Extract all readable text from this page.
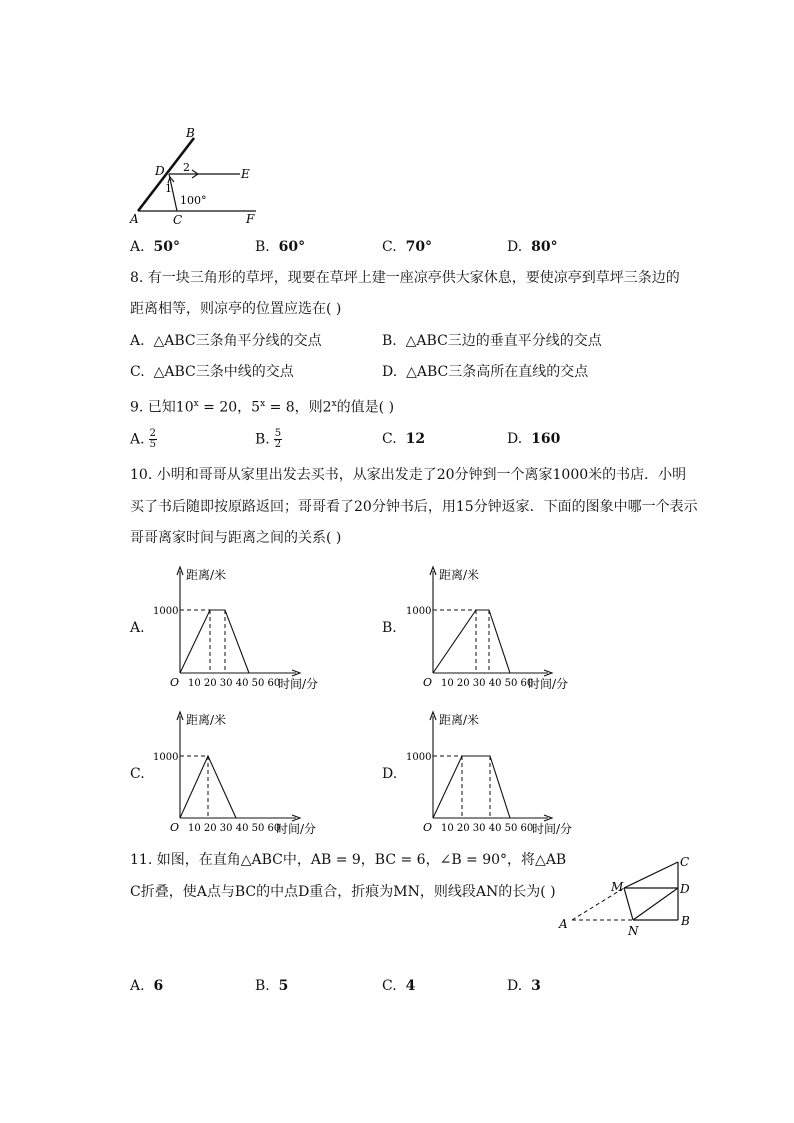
B
D	E
A	C	F
1
2
100°
A. 50°	B. 60°	C. 70°	D. 80°
8. 有一块三角形的草坪，现要在草坪上建一座凉亭供大家休息，要使凉亭到草坪三条边的
距离相等，则凉亭的位置应选在( )
A. △ABC三条角平分线的交点	B. △ABC三边的垂直平分线的交点
C. △ABC三条中线的交点	D. △ABC三条高所在直线的交点
9. 已知$10^x = 20$，$5^x = 8$，则2$^x$的值是( )
A. $\frac{2}{5}$	B. $\frac{5}{2}$	C. 12	D. 160
10. 小明和哥哥从家里出发去买书，从家出发走了20分钟到一个离家1000米的书店．小明
买了书后随即按原路返回；哥哥看了20分钟书后，用15分钟返家．下面的图象中哪一个表示
哥哥离家时间与距离之间的关系( )
A.
距离/米
1000
O 10 20 30 40 50 60
时间/分
B.
距离/米
1000
O 10 20 30 40 50 60
时间/分
C.
距离/米
1000
O 10 20 30 40 50 60
时间/分
D.
距离/米
1000
O 10 20 30 40 50 60
时间/分
11. 如图，在直角△ABC中，AB = 9，BC = 6，∠B = 90°，将△AB
C折叠，使A点与BC的中点D重合，折痕为MN，则线段AN的长为( )
A	B
C
D
M
N
A. 6	B. 5	C. 4	D. 3
